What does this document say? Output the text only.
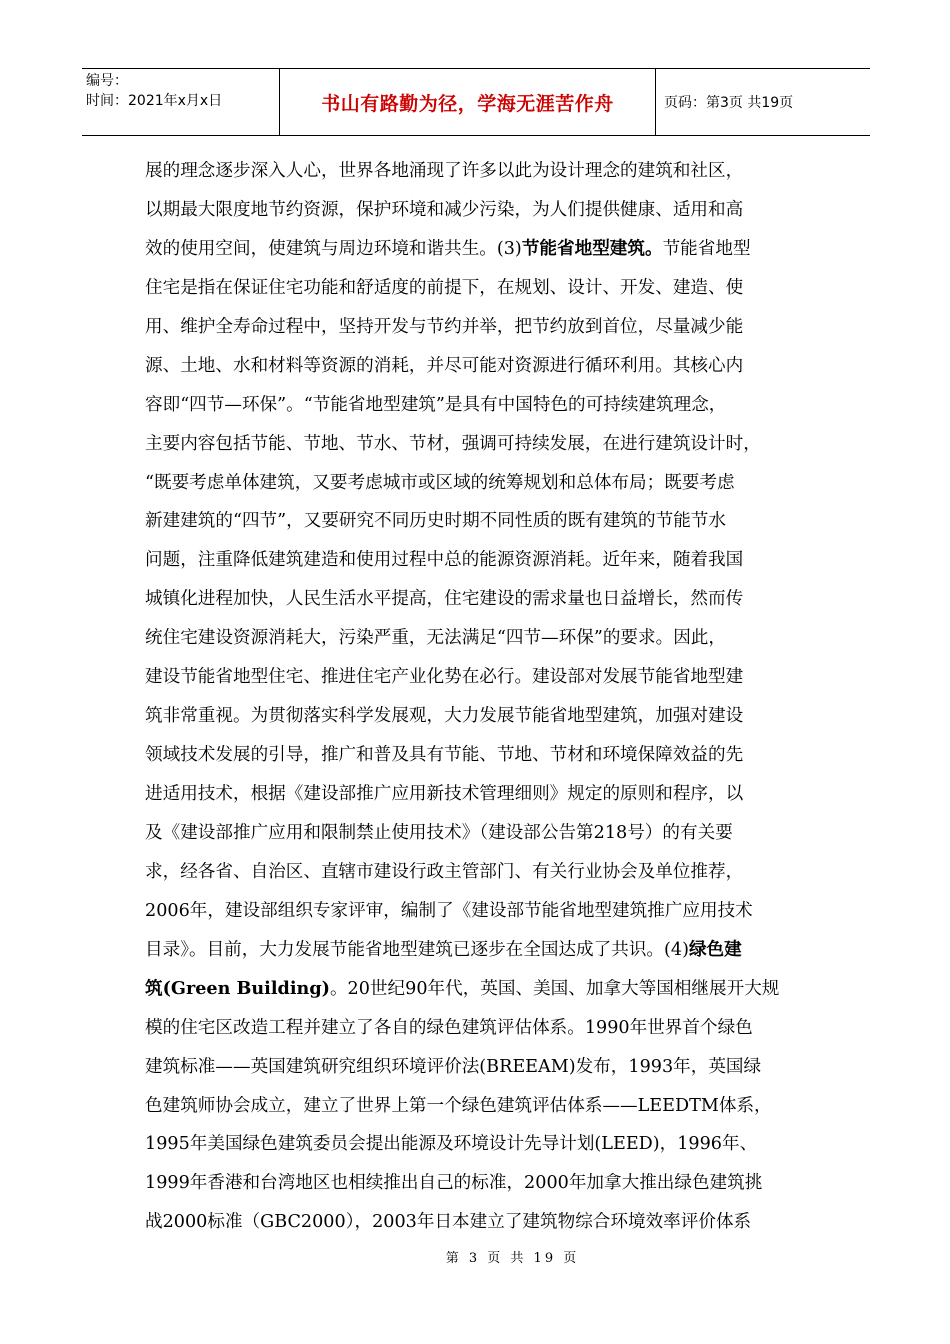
编号：
时间：2021年x月x日	书山有路勤为径，学海无涯苦作舟	页码：第3页 共19页
展的理念逐步深入人心，世界各地涌现了许多以此为设计理念的建筑和社区，
以期最大限度地节约资源，保护环境和减少污染，为人们提供健康、适用和高
效的使用空间，使建筑与周边环境和谐共生。(3)节能省地型建筑。节能省地型
住宅是指在保证住宅功能和舒适度的前提下，在规划、设计、开发、建造、使
用、维护全寿命过程中，坚持开发与节约并举，把节约放到首位，尽量减少能
源、土地、水和材料等资源的消耗，并尽可能对资源进行循环利用。其核心内
容即“四节—环保”。“节能省地型建筑”是具有中国特色的可持续建筑理念，
主要内容包括节能、节地、节水、节材，强调可持续发展，在进行建筑设计时，
“既要考虑单体建筑，又要考虑城市或区域的统筹规划和总体布局；既要考虑
新建建筑的“四节”，又要研究不同历史时期不同性质的既有建筑的节能节水
问题，注重降低建筑建造和使用过程中总的能源资源消耗。近年来，随着我国
城镇化进程加快，人民生活水平提高，住宅建设的需求量也日益增长，然而传
统住宅建设资源消耗大，污染严重，无法满足“四节—环保”的要求。因此，
建设节能省地型住宅、推进住宅产业化势在必行。建设部对发展节能省地型建
筑非常重视。为贯彻落实科学发展观，大力发展节能省地型建筑，加强对建设
领域技术发展的引导，推广和普及具有节能、节地、节材和环境保障效益的先
进适用技术，根据《建设部推广应用新技术管理细则》规定的原则和程序，以
及《建设部推广应用和限制禁止使用技术》（建设部公告第218号）的有关要
求，经各省、自治区、直辖市建设行政主管部门、有关行业协会及单位推荐，
2006年，建设部组织专家评审，编制了《建设部节能省地型建筑推广应用技术
目录》。目前，大力发展节能省地型建筑已逐步在全国达成了共识。(4)绿色建
筑(Green Building)。20世纪90年代，英国、美国、加拿大等国相继展开大规
模的住宅区改造工程并建立了各自的绿色建筑评估体系。1990年世界首个绿色
建筑标准——英国建筑研究组织环境评价法(BREEAM)发布，1993年，英国绿
色建筑师协会成立，建立了世界上第一个绿色建筑评估体系——LEEDTM体系，
1995年美国绿色建筑委员会提出能源及环境设计先导计划(LEED)，1996年、
1999年香港和台湾地区也相续推出自己的标准，2000年加拿大推出绿色建筑挑
战2000标准（GBC2000），2003年日本建立了建筑物综合环境效率评价体系
第 3 页 共 19 页
